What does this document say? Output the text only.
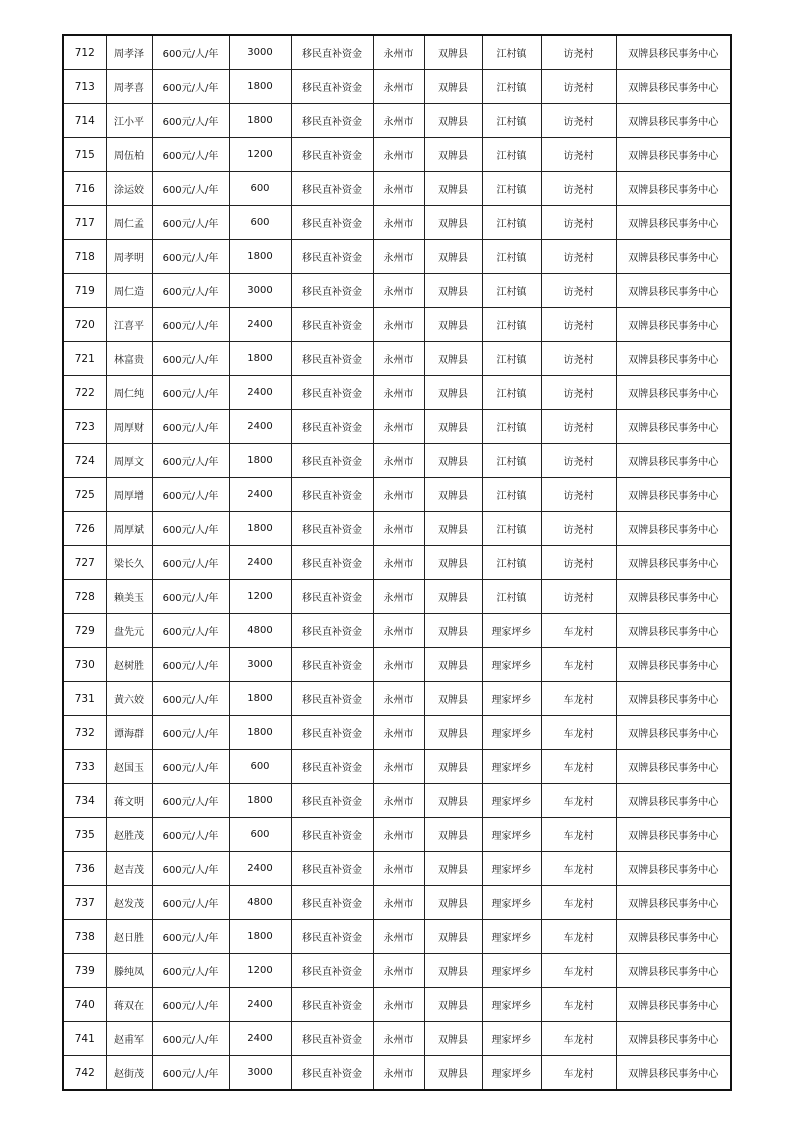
712	周孝泽	600元/人/年	3000	移民直补资金	永州市	双牌县	江村镇	访尧村	双牌县移民事务中心
713	周孝喜	600元/人/年	1800	移民直补资金	永州市	双牌县	江村镇	访尧村	双牌县移民事务中心
714	江小平	600元/人/年	1800	移民直补资金	永州市	双牌县	江村镇	访尧村	双牌县移民事务中心
715	周伍柏	600元/人/年	1200	移民直补资金	永州市	双牌县	江村镇	访尧村	双牌县移民事务中心
716	涂运姣	600元/人/年	600	移民直补资金	永州市	双牌县	江村镇	访尧村	双牌县移民事务中心
717	周仁孟	600元/人/年	600	移民直补资金	永州市	双牌县	江村镇	访尧村	双牌县移民事务中心
718	周孝明	600元/人/年	1800	移民直补资金	永州市	双牌县	江村镇	访尧村	双牌县移民事务中心
719	周仁造	600元/人/年	3000	移民直补资金	永州市	双牌县	江村镇	访尧村	双牌县移民事务中心
720	江喜平	600元/人/年	2400	移民直补资金	永州市	双牌县	江村镇	访尧村	双牌县移民事务中心
721	林富贵	600元/人/年	1800	移民直补资金	永州市	双牌县	江村镇	访尧村	双牌县移民事务中心
722	周仁纯	600元/人/年	2400	移民直补资金	永州市	双牌县	江村镇	访尧村	双牌县移民事务中心
723	周厚财	600元/人/年	2400	移民直补资金	永州市	双牌县	江村镇	访尧村	双牌县移民事务中心
724	周厚文	600元/人/年	1800	移民直补资金	永州市	双牌县	江村镇	访尧村	双牌县移民事务中心
725	周厚增	600元/人/年	2400	移民直补资金	永州市	双牌县	江村镇	访尧村	双牌县移民事务中心
726	周厚斌	600元/人/年	1800	移民直补资金	永州市	双牌县	江村镇	访尧村	双牌县移民事务中心
727	梁长久	600元/人/年	2400	移民直补资金	永州市	双牌县	江村镇	访尧村	双牌县移民事务中心
728	赖美玉	600元/人/年	1200	移民直补资金	永州市	双牌县	江村镇	访尧村	双牌县移民事务中心
729	盘先元	600元/人/年	4800	移民直补资金	永州市	双牌县	理家坪乡	车龙村	双牌县移民事务中心
730	赵树胜	600元/人/年	3000	移民直补资金	永州市	双牌县	理家坪乡	车龙村	双牌县移民事务中心
731	黄六姣	600元/人/年	1800	移民直补资金	永州市	双牌县	理家坪乡	车龙村	双牌县移民事务中心
732	谭海群	600元/人/年	1800	移民直补资金	永州市	双牌县	理家坪乡	车龙村	双牌县移民事务中心
733	赵国玉	600元/人/年	600	移民直补资金	永州市	双牌县	理家坪乡	车龙村	双牌县移民事务中心
734	蒋文明	600元/人/年	1800	移民直补资金	永州市	双牌县	理家坪乡	车龙村	双牌县移民事务中心
735	赵胜茂	600元/人/年	600	移民直补资金	永州市	双牌县	理家坪乡	车龙村	双牌县移民事务中心
736	赵吉茂	600元/人/年	2400	移民直补资金	永州市	双牌县	理家坪乡	车龙村	双牌县移民事务中心
737	赵发茂	600元/人/年	4800	移民直补资金	永州市	双牌县	理家坪乡	车龙村	双牌县移民事务中心
738	赵日胜	600元/人/年	1800	移民直补资金	永州市	双牌县	理家坪乡	车龙村	双牌县移民事务中心
739	滕纯凤	600元/人/年	1200	移民直补资金	永州市	双牌县	理家坪乡	车龙村	双牌县移民事务中心
740	蒋双在	600元/人/年	2400	移民直补资金	永州市	双牌县	理家坪乡	车龙村	双牌县移民事务中心
741	赵甫军	600元/人/年	2400	移民直补资金	永州市	双牌县	理家坪乡	车龙村	双牌县移民事务中心
742	赵街茂	600元/人/年	3000	移民直补资金	永州市	双牌县	理家坪乡	车龙村	双牌县移民事务中心
